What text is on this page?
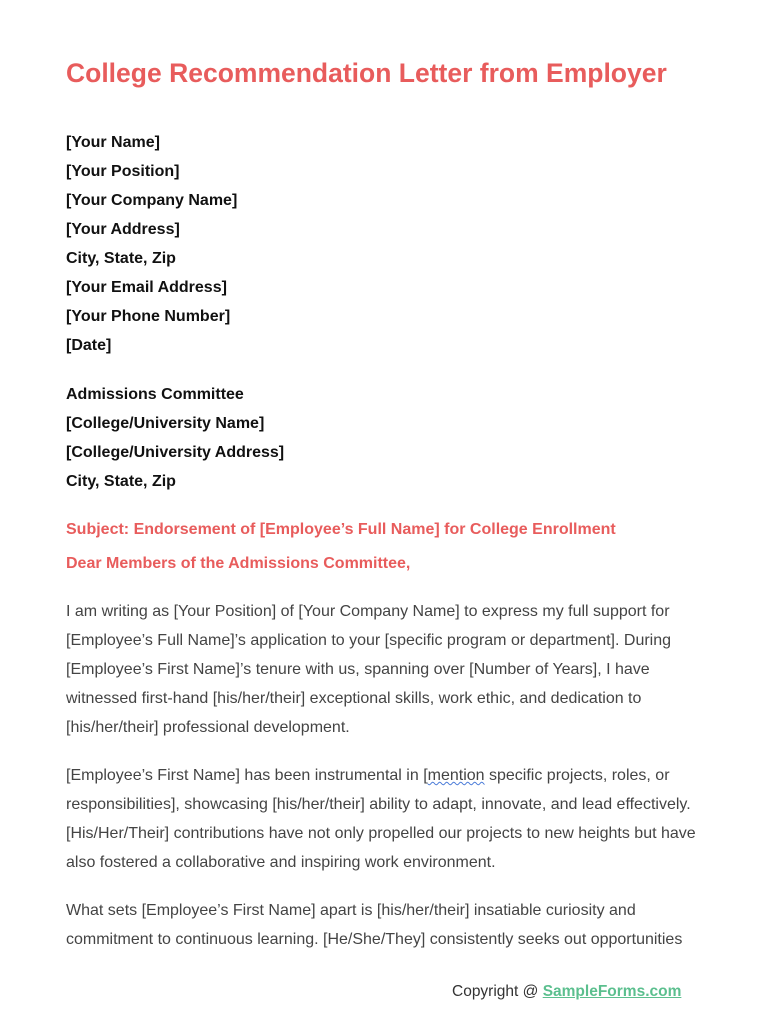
College Recommendation Letter from Employer
[Your Name]
[Your Position]
[Your Company Name]
[Your Address]
City, State, Zip
[Your Email Address]
[Your Phone Number]
[Date]
Admissions Committee
[College/University Name]
[College/University Address]
City, State, Zip
Subject: Endorsement of [Employee’s Full Name] for College Enrollment
Dear Members of the Admissions Committee,

I am writing as [Your Position] of [Your Company Name] to express my full support for [Employee’s Full Name]’s application to your [specific program or department]. During [Employee’s First Name]’s tenure with us, spanning over [Number of Years], I have witnessed first-hand [his/her/their] exceptional skills, work ethic, and dedication to [his/her/their] professional development.

[Employee’s First Name] has been instrumental in [mention specific projects, roles, or responsibilities], showcasing [his/her/their] ability to adapt, innovate, and lead effectively. [His/Her/Their] contributions have not only propelled our projects to new heights but have also fostered a collaborative and inspiring work environment.

What sets [Employee’s First Name] apart is [his/her/their] insatiable curiosity and commitment to continuous learning. [He/She/They] consistently seeks out opportunities

Copyright @ SampleForms.com
